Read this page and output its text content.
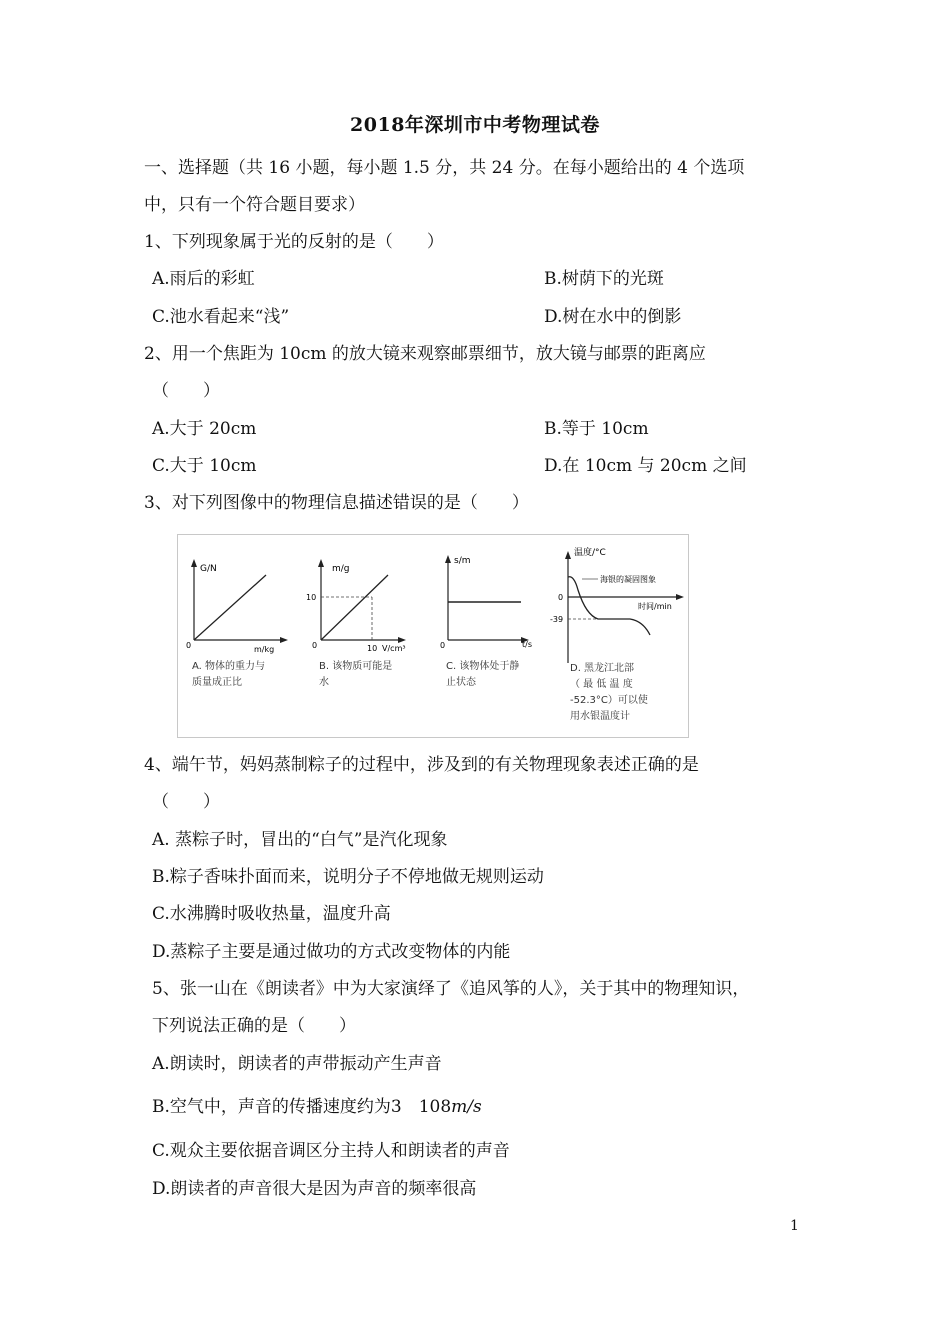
2018年深圳市中考物理试卷
一、选择题（共 16 小题，每小题 1.5 分，共 24 分。在每小题给出的 4 个选项
中，只有一个符合题目要求）
1、下列现象属于光的反射的是（　　）
A.雨后的彩虹	B.树荫下的光斑
C.池水看起来“浅”	D.树在水中的倒影
2、用一个焦距为 10cm 的放大镜来观察邮票细节，放大镜与邮票的距离应
（　　）
A.大于 20cm	B.等于 10cm
C.大于 10cm	D.在 10cm 与 20cm 之间
3、对下列图像中的物理信息描述错误的是（　　）
G/N
m/kg
0
A. 物体的重力与
质量成正比
m/g
10
10 V/cm³
0
B. 该物质可能是
水
s/m
t/s
0
C. 该物体处于静
止状态
温度/°C
海银的凝固图象
时间/min
0
-39
D. 黑龙江北部
（ 最 低 温 度
-52.3°C）可以使
用水银温度计
4、端午节，妈妈蒸制粽子的过程中，涉及到的有关物理现象表述正确的是
（　　）
A. 蒸粽子时，冒出的“白气”是汽化现象
B.粽子香味扑面而来，说明分子不停地做无规则运动
C.水沸腾时吸收热量，温度升高
D.蒸粽子主要是通过做功的方式改变物体的内能
5、张一山在《朗读者》中为大家演绎了《追风筝的人》，关于其中的物理知识，
下列说法正确的是（　　）
A.朗读时，朗读者的声带振动产生声音
B.空气中，声音的传播速度约为3　108m/s
C.观众主要依据音调区分主持人和朗读者的声音
D.朗读者的声音很大是因为声音的频率很高
1
